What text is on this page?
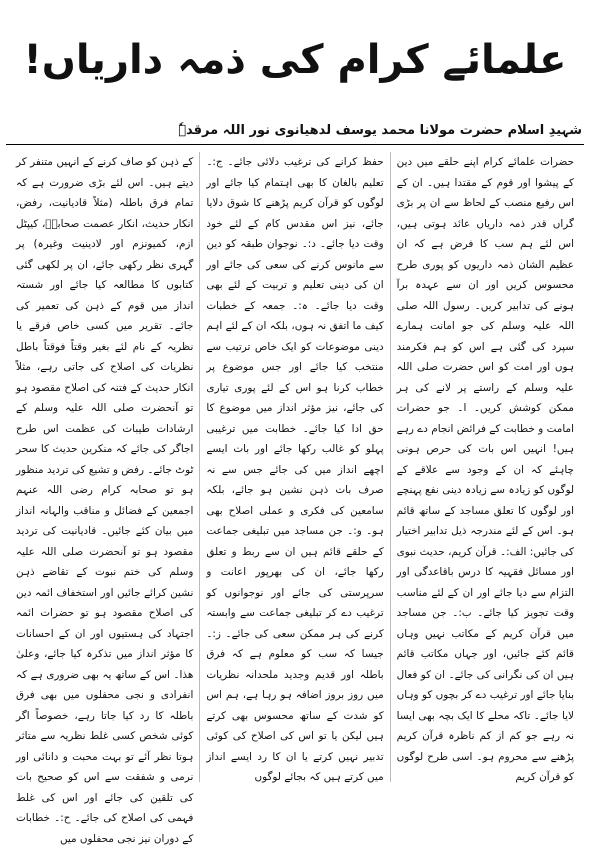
علمائے کرام کی ذمہ داریاں!
شہیدِ اسلام حضرت مولانا محمد یوسف لدھیانوی نور اللہ مرقدہٗ

حضرات علمائے کرام اپنے حلقے میں دین کے پیشوا اور قوم کے مقتدا ہیں۔ ان کے اس رفیع منصب کے لحاظ سے ان پر بڑی گراں قدر ذمہ داریاں عائد ہوتی ہیں، اس لئے ہم سب کا فرض ہے کہ ان عظیم الشان ذمہ داریوں کو پوری طرح محسوس کریں اور ان سے عہدہ برآ ہونے کی تدابیر کریں۔ رسول اللہ صلی اللہ علیہ وسلم کی جو امانت ہمارے سپرد کی گئی ہے اس کو ہم فکرمند ہوں اور امت کو اس حضرت صلی اللہ علیہ وسلم کے راستے پر لانے کی ہر ممکن کوشش کریں۔ ا۔ جو حضرات امامت و خطابت کے فرائض انجام دے رہے ہیں! انہیں اس بات کی حرص ہونی چاہئے کہ ان کے وجود سے علاقے کے لوگوں کو زیادہ سے زیادہ دینی نفع پہنچے اور لوگوں کا تعلق مساجد کے ساتھ قائم ہو۔ اس کے لئے مندرجہ ذیل تدابیر اختیار کی جائیں: الف:۔ قرآن کریم، حدیث نبوی اور مسائل فقہیہ کا درس باقاعدگی اور التزام سے دیا جائے اور ان کے لئے مناسب وقت تجویز کیا جائے۔ ب:۔ جن مساجد میں قرآن کریم کے مکاتب نہیں وہاں قائم کئے جائیں، اور جہاں مکاتب قائم ہیں ان کی نگرانی کی جائے۔ ان کو فعال بنایا جائے اور ترغیب دے کر بچوں کو وہاں لایا جائے۔ تاکہ محلے کا ایک بچہ بھی ایسا نہ رہے جو کم از کم ناظرہ قرآن کریم پڑھنے سے محروم ہو۔ اسی طرح لوگوں کو قرآن کریم

حفظ کرانے کی ترغیب دلائی جائے۔ ج:۔ تعلیم بالغان کا بھی اہتمام کیا جائے اور لوگوں کو قرآن کریم پڑھنے کا شوق دلایا جائے، نیز اس مقدس کام کے لئے خود وقت دیا جائے۔ د:۔ نوجوان طبقہ کو دین سے مانوس کرنے کی سعی کی جائے اور ان کی دینی تعلیم و تربیت کے لئے بھی وقت دیا جائے۔ ہ:۔ جمعہ کے خطبات کیف ما اتفق نہ ہوں، بلکہ ان کے لئے اہم دینی موضوعات کو ایک خاص ترتیب سے منتخب کیا جائے اور جس موضوع پر خطاب کرنا ہو اس کے لئے پوری تیاری کی جائے، نیز مؤثر انداز میں موضوع کا حق ادا کیا جائے۔ خطابت میں ترغیبی پہلو کو غالب رکھا جائے اور بات ایسے اچھے انداز میں کی جائے جس سے نہ صرف بات ذہن نشین ہو جائے، بلکہ سامعین کی فکری و عملی اصلاح بھی ہو۔ و:۔ جن مساجد میں تبلیغی جماعت کے حلقے قائم ہیں ان سے ربط و تعلق رکھا جائے، ان کی بھرپور اعانت و سرپرستی کی جائے اور نوجوانوں کو ترغیب دے کر تبلیغی جماعت سے وابستہ کرنے کی ہر ممکن سعی کی جائے۔ ز:۔ جیسا کہ سب کو معلوم ہے کہ فرق باطلہ اور قدیم وجدید ملحدانہ نظریات میں روز بروز اضافہ ہو رہا ہے، ہم اس کو شدت کے ساتھ محسوس بھی کرتے ہیں لیکن یا تو اس کی اصلاح کی کوئی تدبیر نہیں کرتے یا ان کا رد ایسے انداز میں کرتے ہیں کہ بجائے لوگوں

کے ذہن کو صاف کرنے کے انہیں متنفر کر دیتے ہیں۔ اس لئے بڑی ضرورت ہے کہ تمام فرق باطلہ (مثلاً قادیانیت، رفض، انکار حدیث، انکار عصمت صحابہؓ، کیپٹل ازم، کمیونزم اور لادینیت وغیرہ) پر گہری نظر رکھی جائے، ان پر لکھی گئی کتابوں کا مطالعہ کیا جائے اور شستہ انداز میں قوم کے ذہن کی تعمیر کی جائے۔ تقریر میں کسی خاص فرقے یا نظریہ کے نام لئے بغیر وقتاً فوقتاً باطل نظریات کی اصلاح کی جاتی رہے، مثلاً انکار حدیث کے فتنہ کی اصلاح مقصود ہو تو آنحضرت صلی اللہ علیہ وسلم کے ارشادات طیبات کی عظمت اس طرح اجاگر کی جائے کہ منکرین حدیث کا سحر ٹوٹ جائے۔ رفض و تشیع کی تردید منظور ہو تو صحابہ کرام رضی اللہ عنہم اجمعین کے فضائل و مناقب والہانہ انداز میں بیان کئے جائیں۔ قادیانیت کی تردید مقصود ہو تو آنحضرت صلی اللہ علیہ وسلم کی ختم نبوت کے تقاضے ذہن نشین کرائے جائیں اور استخفاف ائمہ دین کی اصلاح مقصود ہو تو حضرات ائمہ اجتہاد کی ہستیوں اور ان کے احسانات کا مؤثر انداز میں تذکرہ کیا جائے، وعلیٰ ھذا۔ اس کے ساتھ یہ بھی ضروری ہے کہ انفرادی و نجی محفلوں میں بھی فرق باطلہ کا رد کیا جاتا رہے، خصوصاً اگر کوئی شخص کسی غلط نظریہ سے متاثر ہوتا نظر آئے تو بہت محبت و دانائی اور نرمی و شفقت سے اس کو صحیح بات کی تلقین کی جائے اور اس کی غلط فہمی کی اصلاح کی جائے۔ ح:۔ خطابات کے دوران نیز نجی محفلوں میں
